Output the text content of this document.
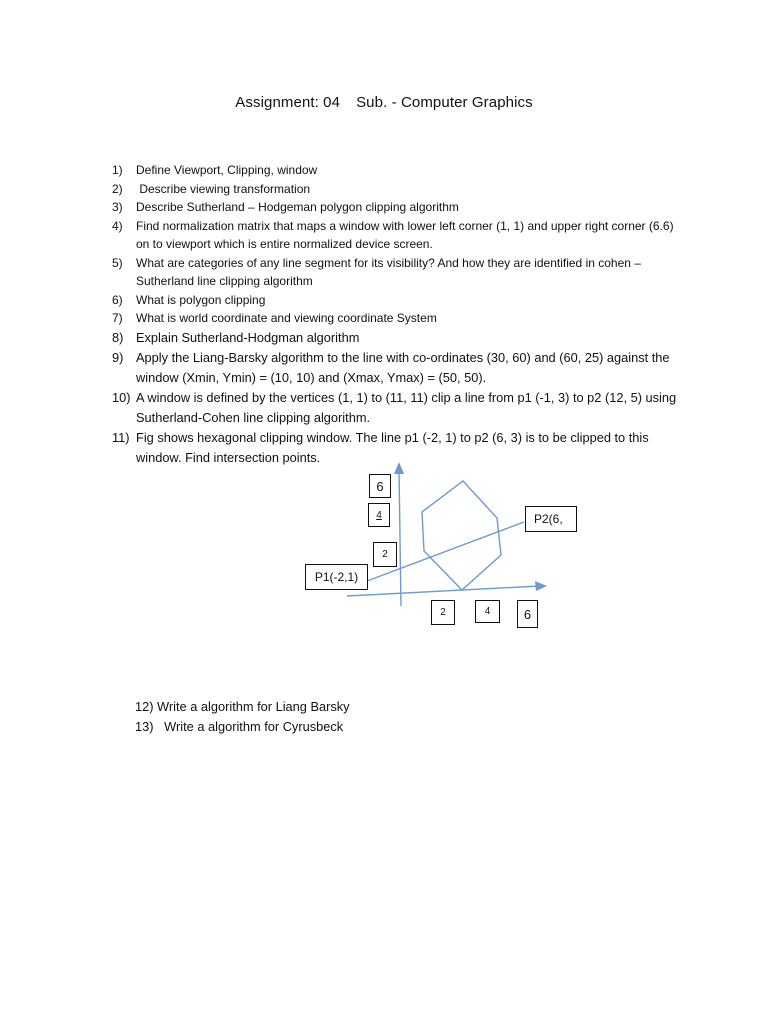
Assignment: 04 Sub. - Computer Graphics
1) Define Viewport, Clipping, window
2) Describe viewing transformation
3) Describe Sutherland – Hodgeman polygon clipping algorithm
4) Find normalization matrix that maps a window with lower left corner (1, 1) and upper right corner (6.6) on to viewport which is entire normalized device screen.
5) What are categories of any line segment for its visibility? And how they are identified in cohen – Sutherland line clipping algorithm
6) What is polygon clipping
7) What is world coordinate and viewing coordinate System
8) Explain Sutherland-Hodgman algorithm
9) Apply the Liang-Barsky algorithm to the line with co-ordinates (30, 60) and (60, 25) against the window (Xmin, Ymin) = (10, 10) and (Xmax, Ymax) = (50, 50).
10) A window is defined by the vertices (1, 1) to (11, 11) clip a line from p1 (-1, 3) to p2 (12, 5) using Sutherland-Cohen line clipping algorithm.
11) Fig shows hexagonal clipping window. The line p1 (-2, 1) to p2 (6, 3) is to be clipped to this window. Find intersection points.
6
4
2
P1(-2,1)
P2(6,
2	4	6
12) Write a algorithm for Liang Barsky
13)   Write a algorithm for Cyrusbeck
